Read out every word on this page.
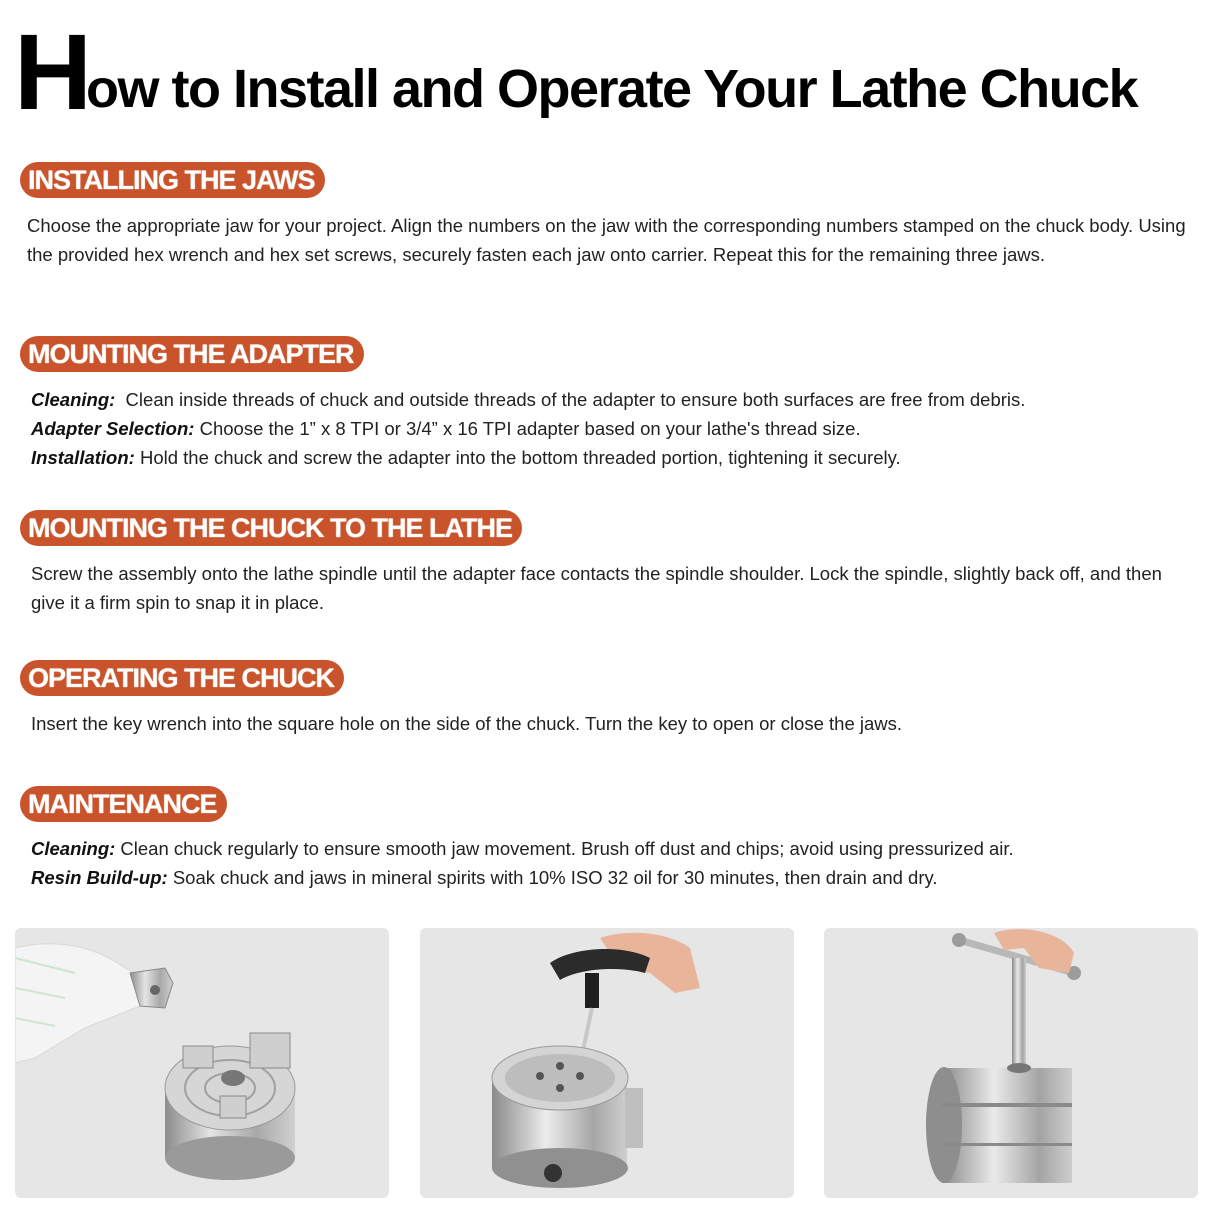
How to Install and Operate Your Lathe Chuck
INSTALLING THE JAWS
Choose the appropriate jaw for your project. Align the numbers on the jaw with the corresponding numbers stamped on the chuck body. Using the provided hex wrench and hex set screws, securely fasten each jaw onto carrier. Repeat this for the remaining three jaws.
MOUNTING THE ADAPTER
Cleaning:  Clean inside threads of chuck and outside threads of the adapter to ensure both surfaces are free from debris.
Adapter Selection: Choose the 1” x 8 TPI or 3/4” x 16 TPI adapter based on your lathe's thread size.
Installation: Hold the chuck and screw the adapter into the bottom threaded portion, tightening it securely.
MOUNTING THE CHUCK TO THE LATHE
Screw the assembly onto the lathe spindle until the adapter face contacts the spindle shoulder. Lock the spindle, slightly back off, and then give it a firm spin to snap it in place.
OPERATING THE CHUCK
Insert the key wrench into the square hole on the side of the chuck. Turn the key to open or close the jaws.
MAINTENANCE
Cleaning: Clean chuck regularly to ensure smooth jaw movement. Brush off dust and chips; avoid using pressurized air.
Resin Build-up: Soak chuck and jaws in mineral spirits with 10% ISO 32 oil for 30 minutes, then drain and dry.
